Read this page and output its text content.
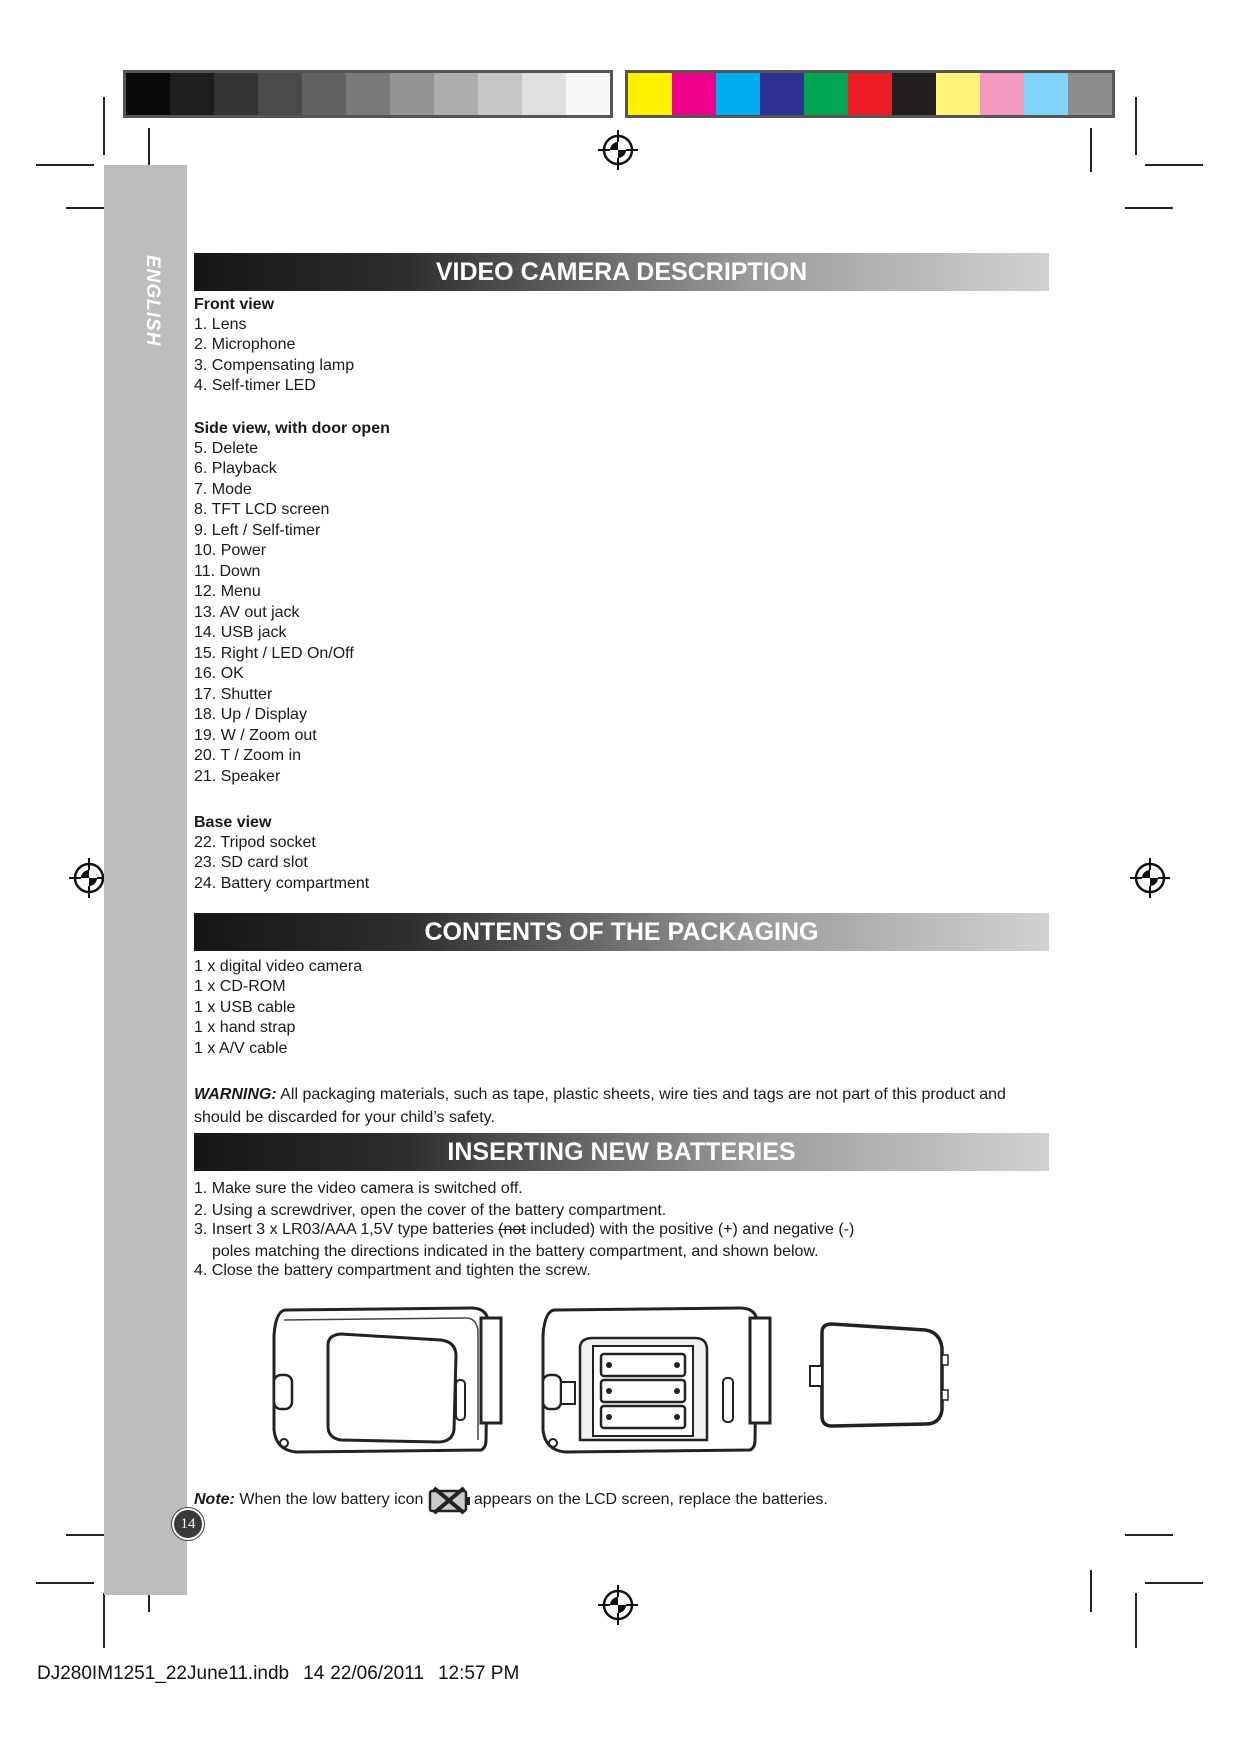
ENGLISH	VIDEO CAMERA DESCRIPTION
Front view
1. Lens
2. Microphone
3. Compensating lamp
4. Self-timer LED
Side view, with door open
5. Delete
6. Playback
7. Mode
8. TFT LCD screen
9. Left / Self-timer
10. Power
11. Down
12. Menu
13. AV out jack
14. USB jack
15. Right / LED On/Off
16. OK
17. Shutter
18. Up / Display
19. W / Zoom out
20. T / Zoom in
21. Speaker
Base view
22. Tripod socket
23. SD card slot
24. Battery compartment
CONTENTS OF THE PACKAGING
1 x digital video camera
1 x CD-ROM
1 x USB cable
1 x hand strap
1 x A/V cable
WARNING: All packaging materials, such as tape, plastic sheets, wire ties and tags are not part of this product and should be discarded for your child’s safety.
INSERTING NEW BATTERIES
1. Make sure the video camera is switched off.
2. Using a screwdriver, open the cover of the battery compartment.
3. Insert 3 x LR03/AAA 1,5V type batteries (not included) with the positive (+) and negative (-)
poles matching the directions indicated in the battery compartment, and shown below.
4. Close the battery compartment and tighten the screw.
Note: When the low battery icon	appears on the LCD screen, replace the batteries.
14
DJ280IM1251_22June11.indb 14 22/06/2011 12:57 PM
